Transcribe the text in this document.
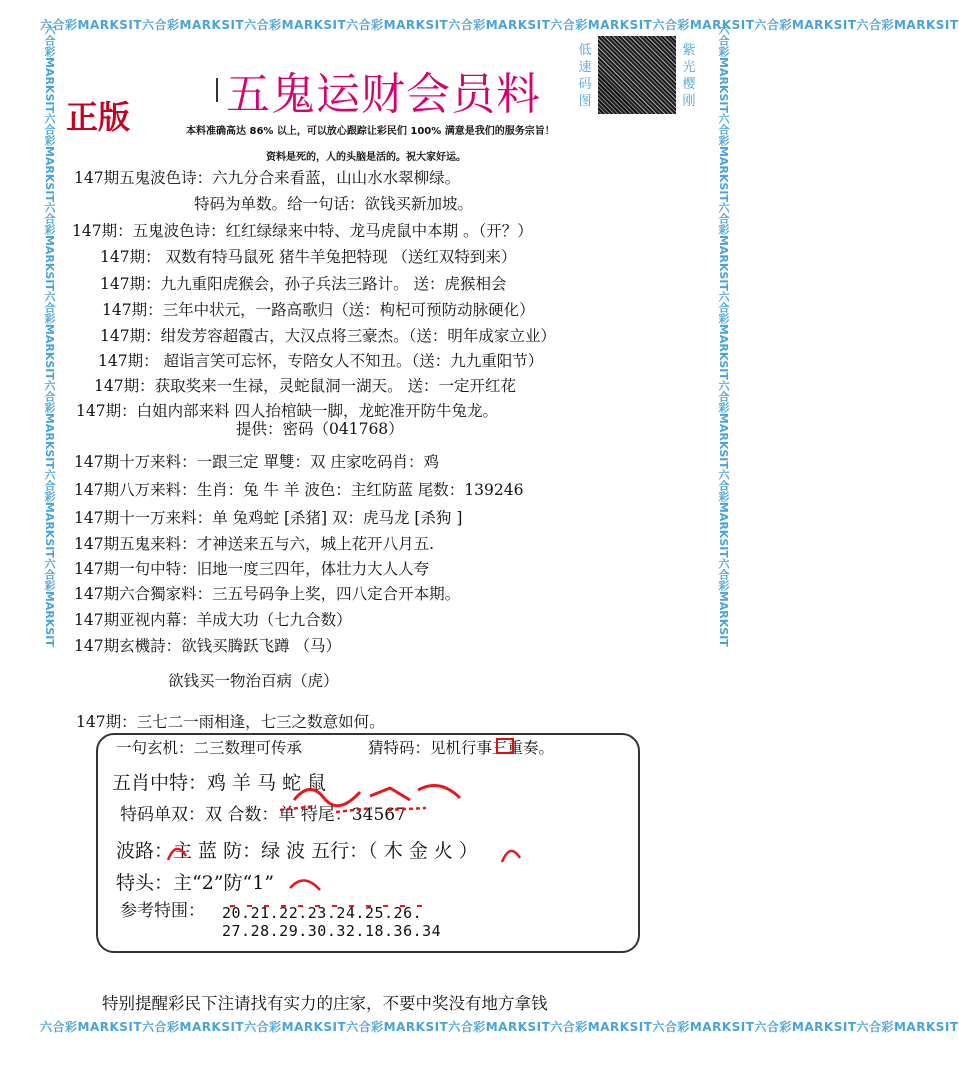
六合彩MARKSIT六合彩MARKSIT六合彩MARKSIT六合彩MARKSIT六合彩MARKSIT六合彩MARKSIT六合彩MARKSIT六合彩MARKSIT六合彩MARKSIT
六合彩MARKSIT六合彩MARKSIT六合彩MARKSIT六合彩MARKSIT六合彩MARKSIT六合彩MARKSIT六合彩MARKSIT六合彩MARKSIT六合彩MARKSIT
六合彩MARKSIT六合彩MARKSIT六合彩MARKSIT六合彩MARKSIT六合彩MARKSIT六合彩MARKSIT六合彩MARKSIT	六合彩MARKSIT六合彩MARKSIT六合彩MARKSIT六合彩MARKSIT六合彩MARKSIT六合彩MARKSIT六合彩MARKSIT
五鬼运财会员料
正版
低速码图
紫光樱刚
本料准确高达 86% 以上，可以放心跟踪让彩民们 100% 满意是我们的服务宗旨！
资料是死的，人的头脑是活的。祝大家好运。
147期五鬼波色诗：六九分合来看蓝，山山水水翠柳绿。
特码为单数。给一句话：欲钱买新加坡。
147期：五鬼波色诗：红红绿绿来中特、龙马虎鼠中本期 。（开？）
147期： 双数有特马鼠死 猪牛羊兔把特现 （送红双特到来）
147期：九九重阳虎猴会，孙子兵法三路计。 送：虎猴相会
147期：三年中状元，一路高歌归（送：枸杞可预防动脉硬化）
147期：绀发芳容超霞古，大汉点将三豪杰。（送：明年成家立业）
147期： 超诣言笑可忘怀，专陪女人不知丑。（送：九九重阳节）
147期：获取奖来一生禄，灵蛇鼠洞一湖天。 送：一定开红花
147期：白姐内部来料 四人抬棺缺一脚，龙蛇准开防牛兔龙。
提供：密码（041768）
147期十万来料：一跟三定 單雙：双 庄家吃码肖：鸡
147期八万来料：生肖：兔 牛 羊 波色：主红防蓝 尾数：139246
147期十一万来料：单 兔鸡蛇 [杀猪] 双：虎马龙 [杀狗 ]
147期五鬼来料：才神送来五与六，城上花开八月五.
147期一句中特：旧地一度三四年，体壮力大人人夸
147期六合獨家料：三五号码争上奖，四八定合开本期。
147期亚视内幕：羊成大功（七九合数）
147期玄機詩：欲钱买腾跃飞蹲 （马）
欲钱买一物治百病（虎）
147期：三七二一雨相逢，七三之数意如何。
一句玄机：二三数理可传承	猜特码：见机行事三重奏。
五肖中特：鸡 羊 马 蛇 鼠
特码单双：双 合数：单 特尾：34567
波路：主 蓝 防：绿 波 五行：（ 木 金 火 ）
特头：主“2”防“1”
参考特围： 20.21.22.23.24.25.26.
27.28.29.30.32.18.36.34
特别提醒彩民下注请找有实力的庄家，不要中奖没有地方拿钱
